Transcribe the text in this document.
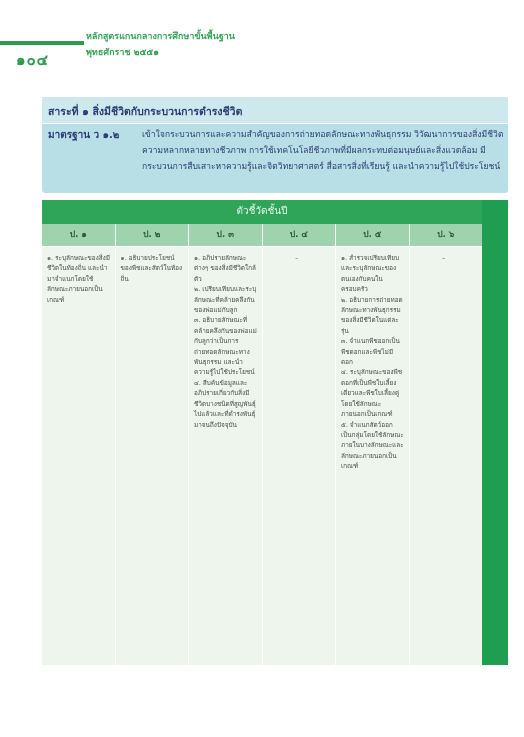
หลักสูตรแกนกลางการศึกษาขั้นพื้นฐาน
พุทธศักราช ๒๕๕๑
๑๐๔
สาระที่ ๑ สิ่งมีชีวิตกับกระบวนการดำรงชีวิต
มาตรฐาน ว ๑.๒	เข้าใจกระบวนการและความสำคัญของการถ่ายทอดลักษณะทางพันธุกรรม วิวัฒนาการของสิ่งมีชีวิต ความหลากหลายทางชีวภาพ การใช้เทคโนโลยีชีวภาพที่มีผลกระทบต่อมนุษย์และสิ่งแวดล้อม มีกระบวนการสืบเสาะหาความรู้และจิตวิทยาศาสตร์ สื่อสารสิ่งที่เรียนรู้ และนำความรู้ไปใช้ประโยชน์
ตัวชี้วัดชั้นปี
ป. ๑
๑. ระบุลักษณะของสิ่งมีชีวิตในท้องถิ่น และนำมาจำแนกโดยใช้ลักษณะภายนอกเป็นเกณฑ์
ป. ๒
๑. อธิบายประโยชน์ของพืชและสัตว์ในท้องถิ่น
ป. ๓
๑. อภิปรายลักษณะต่างๆ ของสิ่งมีชีวิตใกล้ตัว
๒. เปรียบเทียบและระบุลักษณะที่คล้ายคลึงกันของพ่อแม่กับลูก
๓. อธิบายลักษณะที่คล้ายคลึงกันของพ่อแม่กับลูกว่าเป็นการถ่ายทอดลักษณะทางพันธุกรรม และนำความรู้ไปใช้ประโยชน์
๔. สืบค้นข้อมูลและอภิปรายเกี่ยวกับสิ่งมีชีวิตบางชนิดที่สูญพันธุ์ไปแล้วและที่ดำรงพันธุ์มาจนถึงปัจจุบัน
ป. ๔
–
ป. ๕
๑. สำรวจเปรียบเทียบและระบุลักษณะของตนเองกับคนในครอบครัว
๒. อธิบายการถ่ายทอดลักษณะทางพันธุกรรมของสิ่งมีชีวิตในแต่ละรุ่น
๓. จำแนกพืชออกเป็นพืชดอกและพืชไม่มีดอก
๔. ระบุลักษณะของพืชดอกที่เป็นพืชใบเลี้ยงเดี่ยวและพืชใบเลี้ยงคู่โดยใช้ลักษณะภายนอกเป็นเกณฑ์
๕. จำแนกสัตว์ออกเป็นกลุ่มโดยใช้ลักษณะภายในบางลักษณะและลักษณะภายนอกเป็นเกณฑ์
ป. ๖
–
